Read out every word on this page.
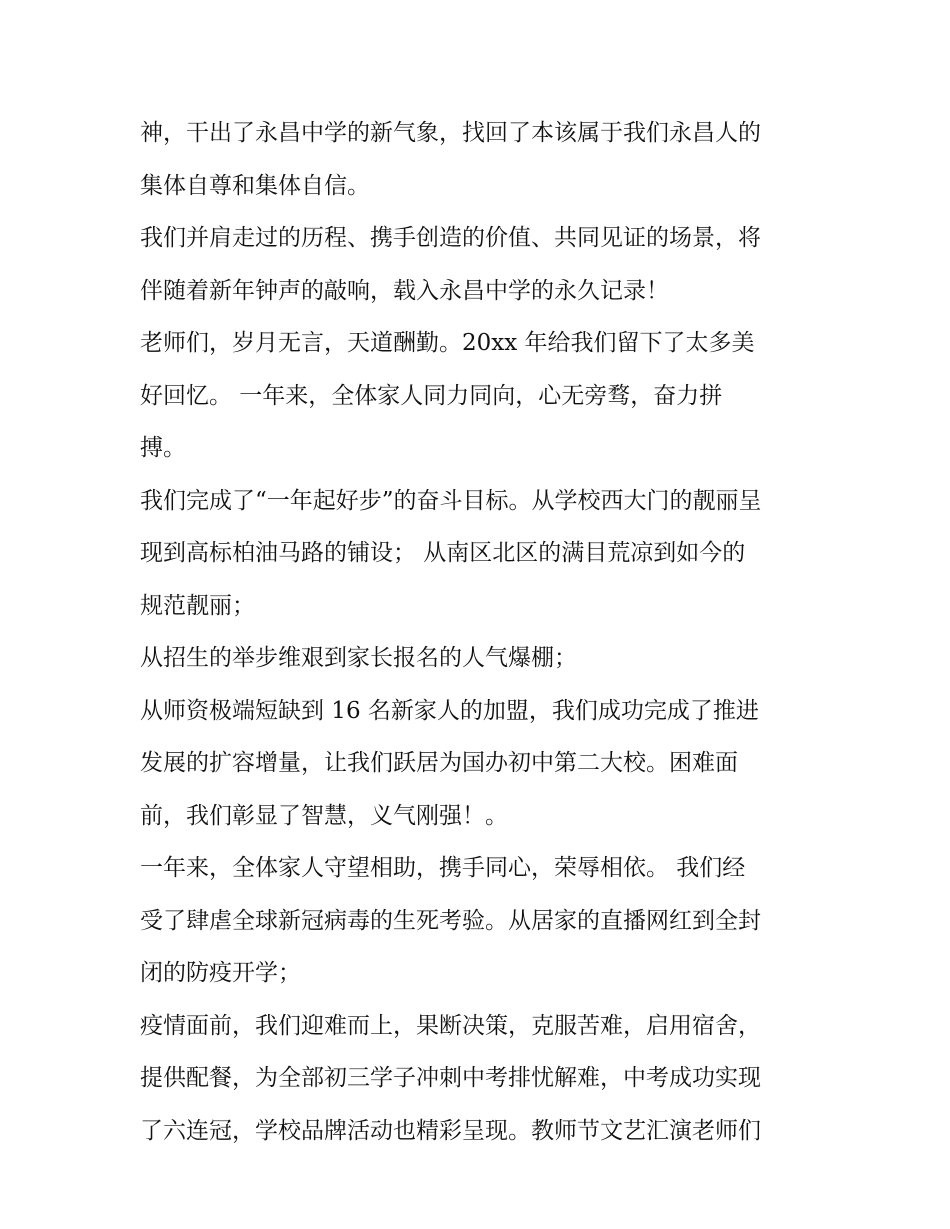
神，干出了永昌中学的新气象，找回了本该属于我们永昌人的
集体自尊和集体自信。
我们并肩走过的历程、携手创造的价值、共同见证的场景，将
伴随着新年钟声的敲响，载入永昌中学的永久记录！
老师们，岁月无言，天道酬勤。20xx 年给我们留下了太多美
好回忆。 一年来，全体家人同力同向，心无旁骛，奋力拼
搏。
我们完成了“一年起好步”的奋斗目标。从学校西大门的靓丽呈
现到高标柏油马路的铺设； 从南区北区的满目荒凉到如今的
规范靓丽；
从招生的举步维艰到家长报名的人气爆棚；
从师资极端短缺到 16 名新家人的加盟，我们成功完成了推进
发展的扩容增量，让我们跃居为国办初中第二大校。困难面
前，我们彰显了智慧，义气刚强！。
一年来，全体家人守望相助，携手同心，荣辱相依。 我们经
受了肆虐全球新冠病毒的生死考验。从居家的直播网红到全封
闭的防疫开学；
疫情面前，我们迎难而上，果断决策，克服苦难，启用宿舍，
提供配餐，为全部初三学子冲刺中考排忧解难，中考成功实现
了六连冠，学校品牌活动也精彩呈现。教师节文艺汇演老师们
